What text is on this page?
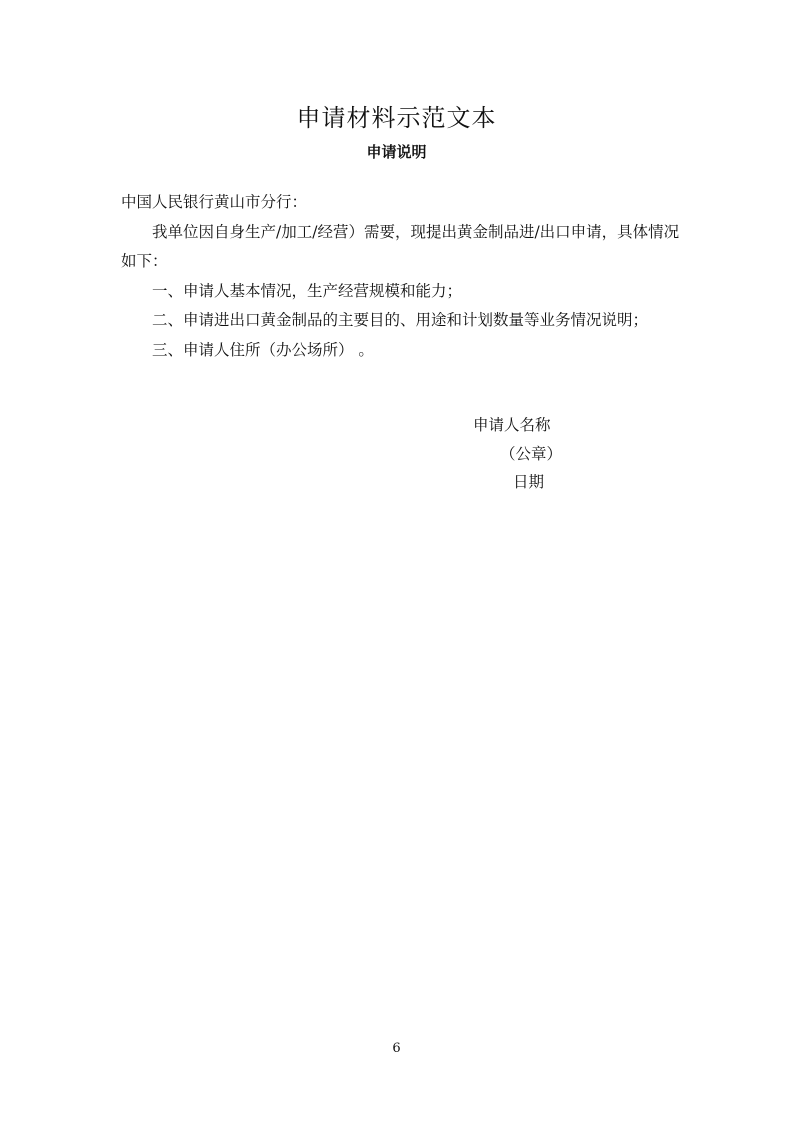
申请材料示范文本
申请说明

中国人民银行黄山市分行：

我单位因自身生产/加工/经营）需要，现提出黄金制品进/出口申请，具体情况如下：

一、申请人基本情况，生产经营规模和能力；

二、申请进出口黄金制品的主要目的、用途和计划数量等业务情况说明；

三、申请人住所（办公场所） 。

申请人名称
（公章）
日期
6
